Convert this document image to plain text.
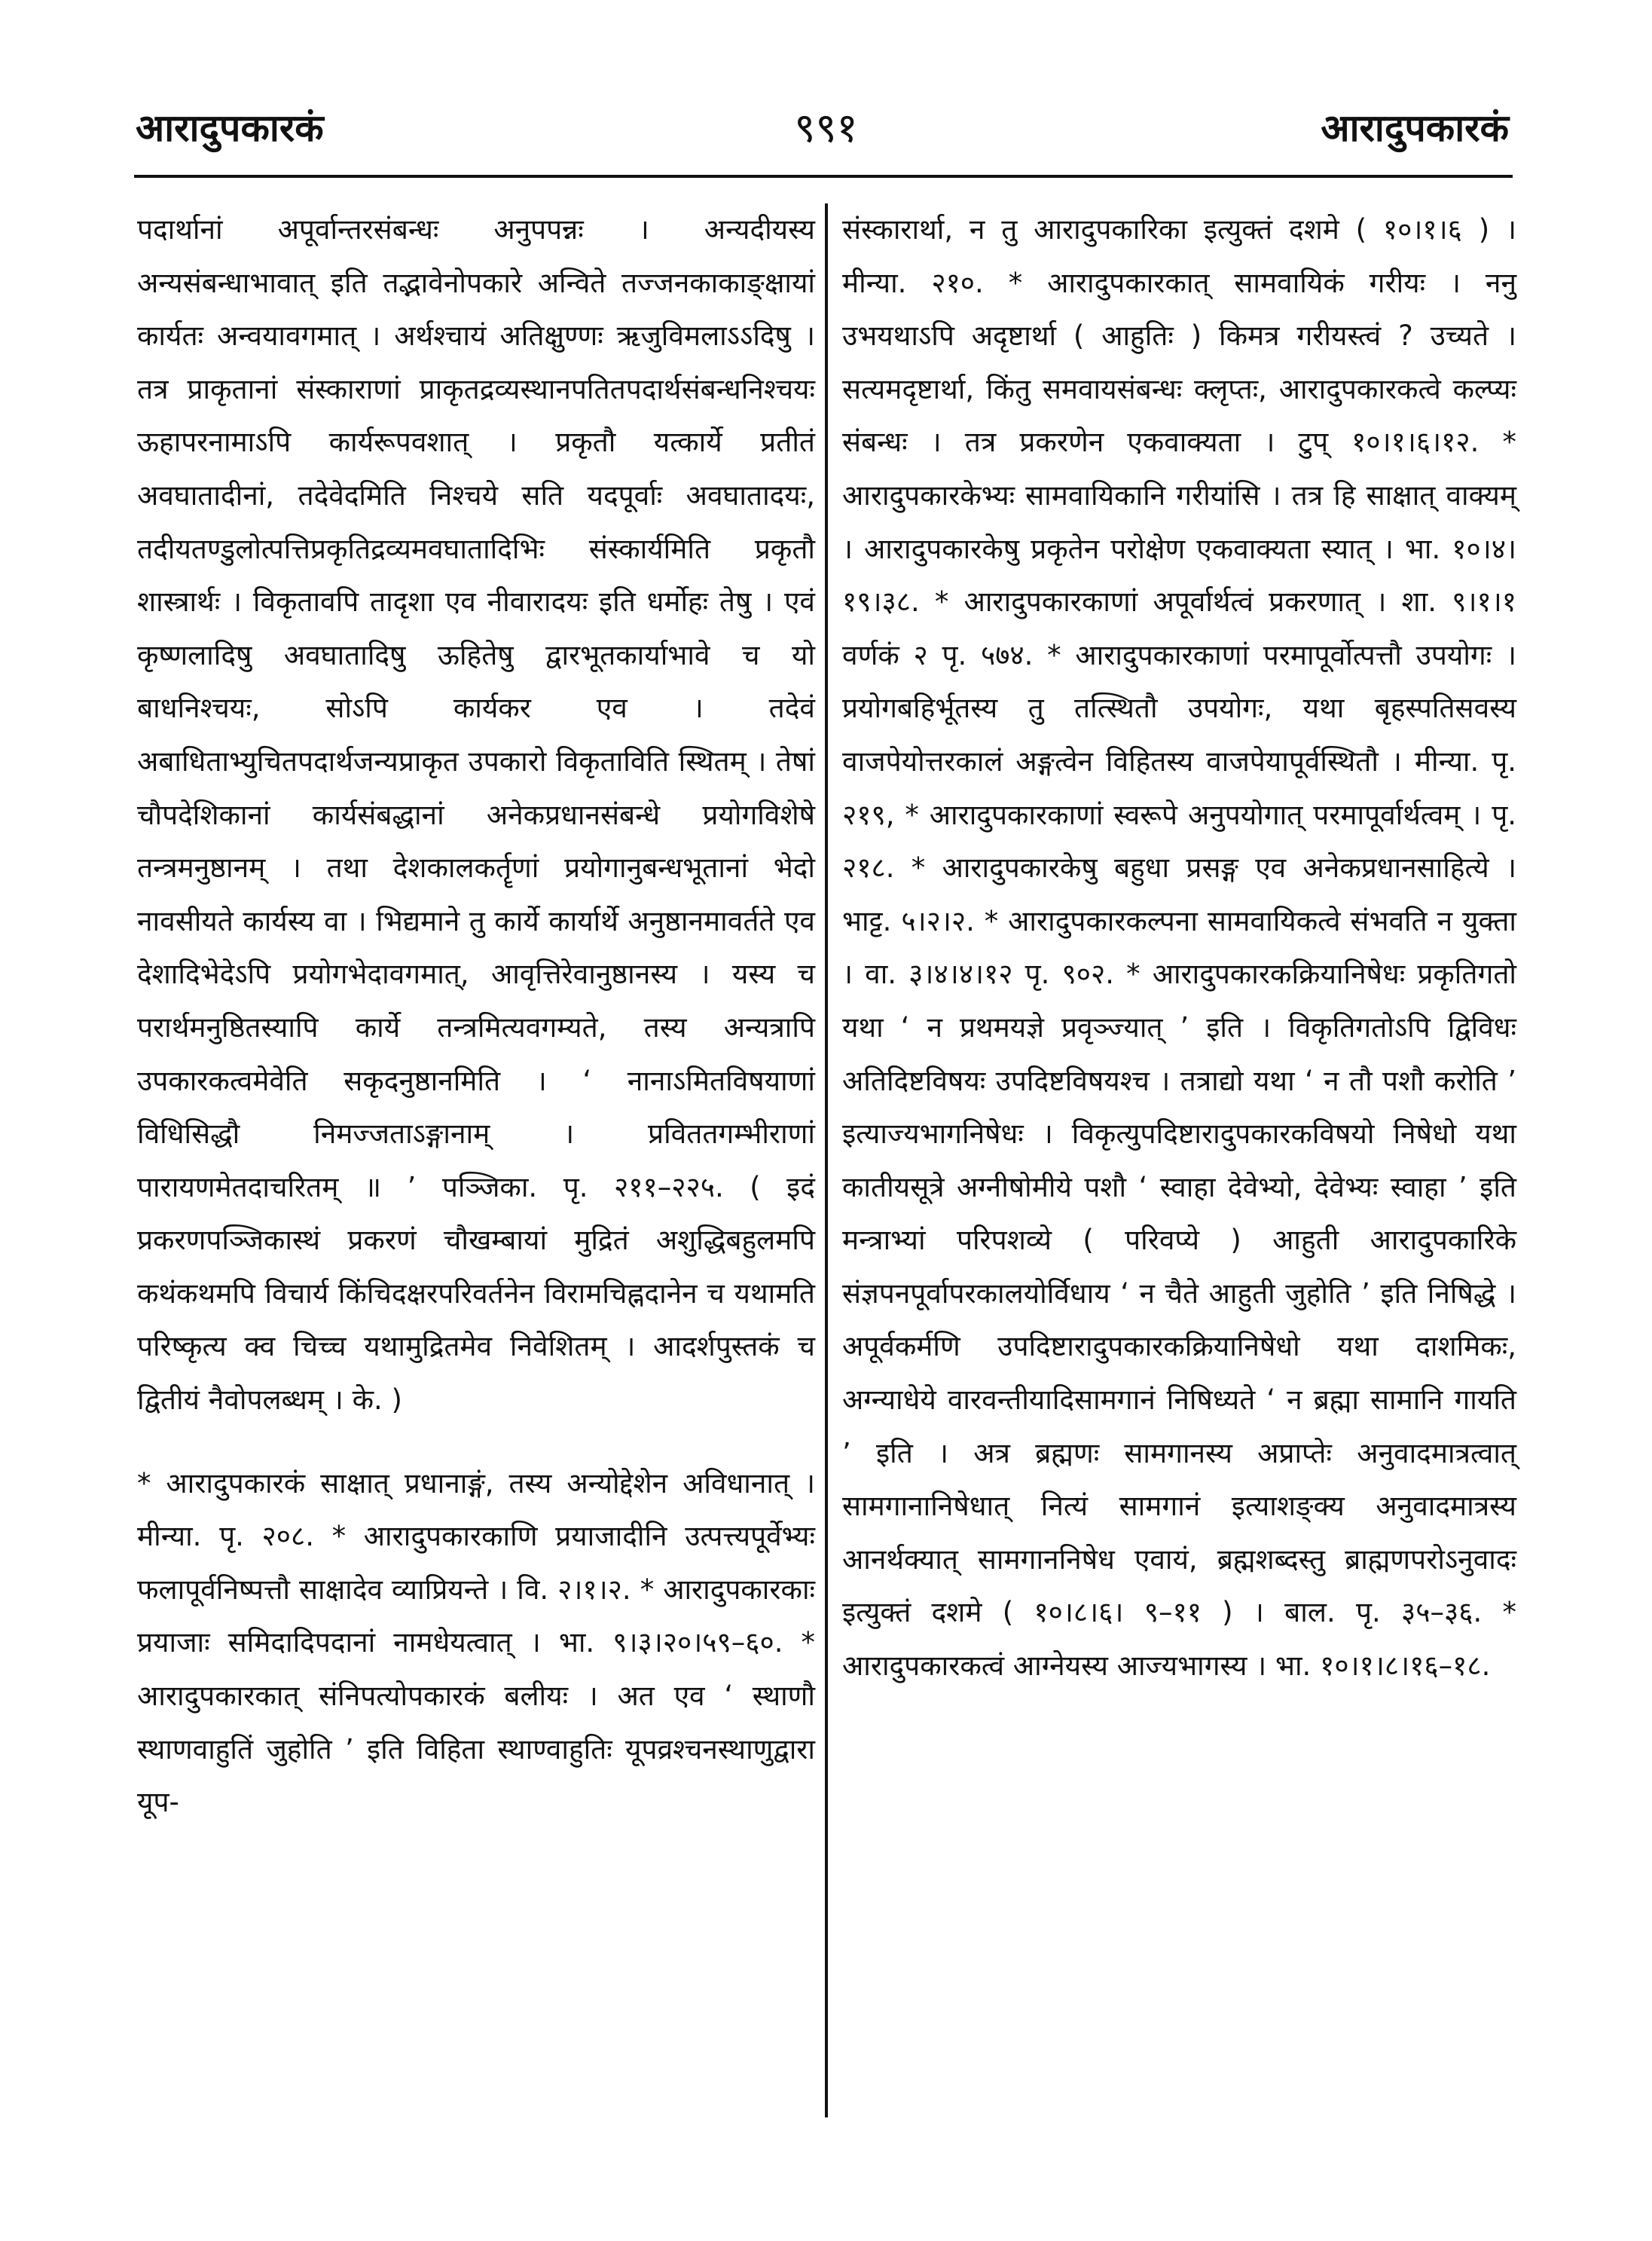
आरादुपकारकं	९९१	आरादुपकारकं

पदार्थानां अपूर्वान्तरसंबन्धः अनुपपन्नः । अन्यदीयस्य अन्यसंबन्धाभावात् इति तद्भावेनोपकारे अन्विते तज्जनकाकाङ्क्षायां कार्यतः अन्वयावगमात् । अर्थश्चायं अतिक्षुण्णः ऋजुविमलाऽऽदिषु । तत्र प्राकृतानां संस्काराणां प्राकृतद्रव्यस्थानपतितपदार्थसंबन्धनिश्चयः ऊहापरनामाऽपि कार्यरूपवशात् । प्रकृतौ यत्कार्ये प्रतीतं अवघातादीनां, तदेवेदमिति निश्चये सति यदपूर्वाः अवघातादयः, तदीयतण्डुलोत्पत्तिप्रकृतिद्रव्यमवघातादिभिः संस्कार्यमिति प्रकृतौ शास्त्रार्थः । विकृतावपि तादृशा एव नीवारादयः इति धर्मोहः तेषु । एवं कृष्णलादिषु अवघातादिषु ऊहितेषु द्वारभूतकार्याभावे च यो बाधनिश्चयः, सोऽपि कार्यकर एव । तदेवं अबाधिताभ्युचितपदार्थजन्यप्राकृत उपकारो विकृताविति स्थितम् । तेषां चौपदेशिकानां कार्यसंबद्धानां अनेकप्रधानसंबन्धे प्रयोगविशेषे तन्त्रमनुष्ठानम् । तथा देशकालकर्तॄणां प्रयोगानुबन्धभूतानां भेदो नावसीयते कार्यस्य वा । भिद्यमाने तु कार्ये कार्यार्थे अनुष्ठानमावर्तते एव देशादिभेदेऽपि प्रयोगभेदावगमात्, आवृत्तिरेवानुष्ठानस्य । यस्य च परार्थमनुष्ठितस्यापि कार्ये तन्त्रमित्यवगम्यते, तस्य अन्यत्रापि उपकारकत्वमेवेति सकृदनुष्ठानमिति । ‘ नानाऽमितविषयाणां विधिसिद्धौ निमज्जताऽङ्गानाम् । प्रविततगम्भीराणां पारायणमेतदाचरितम् ॥ ’ पञ्जिका. पृ. २११–२२५. ( इदं प्रकरणपञ्जिकास्थं प्रकरणं चौखम्बायां मुद्रितं अशुद्धिबहुलमपि कथंकथमपि विचार्य किंचिदक्षरपरिवर्तनेन विरामचिह्नदानेन च यथामति परिष्कृत्य क्व चिच्च यथामुद्रितमेव निवेशितम् । आदर्शपुस्तकं च द्वितीयं नैवोपलब्धम् । के. )

* आरादुपकारकं साक्षात् प्रधानाङ्गं, तस्य अन्योद्देशेन अविधानात् । मीन्या. पृ. २०८. * आरादुपकारकाणि प्रयाजादीनि उत्पत्त्यपूर्वेभ्यः फलापूर्वनिष्पत्तौ साक्षादेव व्याप्रियन्ते । वि. २।१।२. * आरादुपकारकाः प्रयाजाः समिदादिपदानां नामधेयत्वात् । भा. ९।३।२०।५९–६०. * आरादुपकारकात् संनिपत्योपकारकं बलीयः । अत एव ‘ स्थाणौ स्थाणवाहुतिं जुहोति ’ इति विहिता स्थाण्वाहुतिः यूपव्रश्चनस्थाणुद्वारा यूप-

संस्कारार्था, न तु आरादुपकारिका इत्युक्तं दशमे ( १०।१।६ ) । मीन्या. २१०. * आरादुपकारकात् सामवायिकं गरीयः । ननु उभयथाऽपि अदृष्टार्था ( आहुतिः ) किमत्र गरीयस्त्वं ? उच्यते । सत्यमदृष्टार्था, किंतु समवायसंबन्धः क्लृप्तः, आरादुपकारकत्वे कल्प्यः संबन्धः । तत्र प्रकरणेन एकवाक्यता । टुप् १०।१।६।१२. * आरादुपकारकेभ्यः सामवायिकानि गरीयांसि । तत्र हि साक्षात् वाक्यम् । आरादुपकारकेषु प्रकृतेन परोक्षेण एकवाक्यता स्यात् । भा. १०।४।१९।३८. * आरादुपकारकाणां अपूर्वार्थत्वं प्रकरणात् । शा. ९।१।१ वर्णकं २ पृ. ५७४. * आरादुपकारकाणां परमापूर्वोत्पत्तौ उपयोगः । प्रयोगबहिर्भूतस्य तु तत्स्थितौ उपयोगः, यथा बृहस्पतिसवस्य वाजपेयोत्तरकालं अङ्गत्वेन विहितस्य वाजपेयापूर्वस्थितौ । मीन्या. पृ. २१९, * आरादुपकारकाणां स्वरूपे अनुपयोगात् परमापूर्वार्थत्वम् । पृ. २१८. * आरादुपकारकेषु बहुधा प्रसङ्ग एव अनेकप्रधानसाहित्ये । भाट्ट. ५।२।२. * आरादुपकारकल्पना सामवायिकत्वे संभवति न युक्ता । वा. ३।४।४।१२ पृ. ९०२. * आरादुपकारकक्रियानिषेधः प्रकृतिगतो यथा ‘ न प्रथमयज्ञे प्रवृञ्ज्यात् ’ इति । विकृतिगतोऽपि द्विविधः अतिदिष्टविषयः उपदिष्टविषयश्च । तत्राद्यो यथा ‘ न तौ पशौ करोति ’ इत्याज्यभागनिषेधः । विकृत्युपदिष्टारादुपकारकविषयो निषेधो यथा कातीयसूत्रे अग्नीषोमीये पशौ ‘ स्वाहा देवेभ्यो, देवेभ्यः स्वाहा ’ इति मन्त्राभ्यां परिपशव्ये ( परिवप्ये ) आहुती आरादुपकारिके संज्ञपनपूर्वापरकालयोर्विधाय ‘ न चैते आहुती जुहोति ’ इति निषिद्धे । अपूर्वकर्मणि उपदिष्टारादुपकारकक्रियानिषेधो यथा दाशमिकः, अग्न्याधेये वारवन्तीयादिसामगानं निषिध्यते ‘ न ब्रह्मा सामानि गायति ’ इति । अत्र ब्रह्मणः सामगानस्य अप्राप्तेः अनुवादमात्रत्वात् सामगानानिषेधात् नित्यं सामगानं इत्याशङ्क्य अनुवादमात्रस्य आनर्थक्यात् सामगाननिषेध एवायं, ब्रह्मशब्दस्तु ब्राह्मणपरोऽनुवादः इत्युक्तं दशमे ( १०।८।६। ९–११ ) । बाल. पृ. ३५–३६. * आरादुपकारकत्वं आग्नेयस्य आज्यभागस्य । भा. १०।१।८।१६–१८.
